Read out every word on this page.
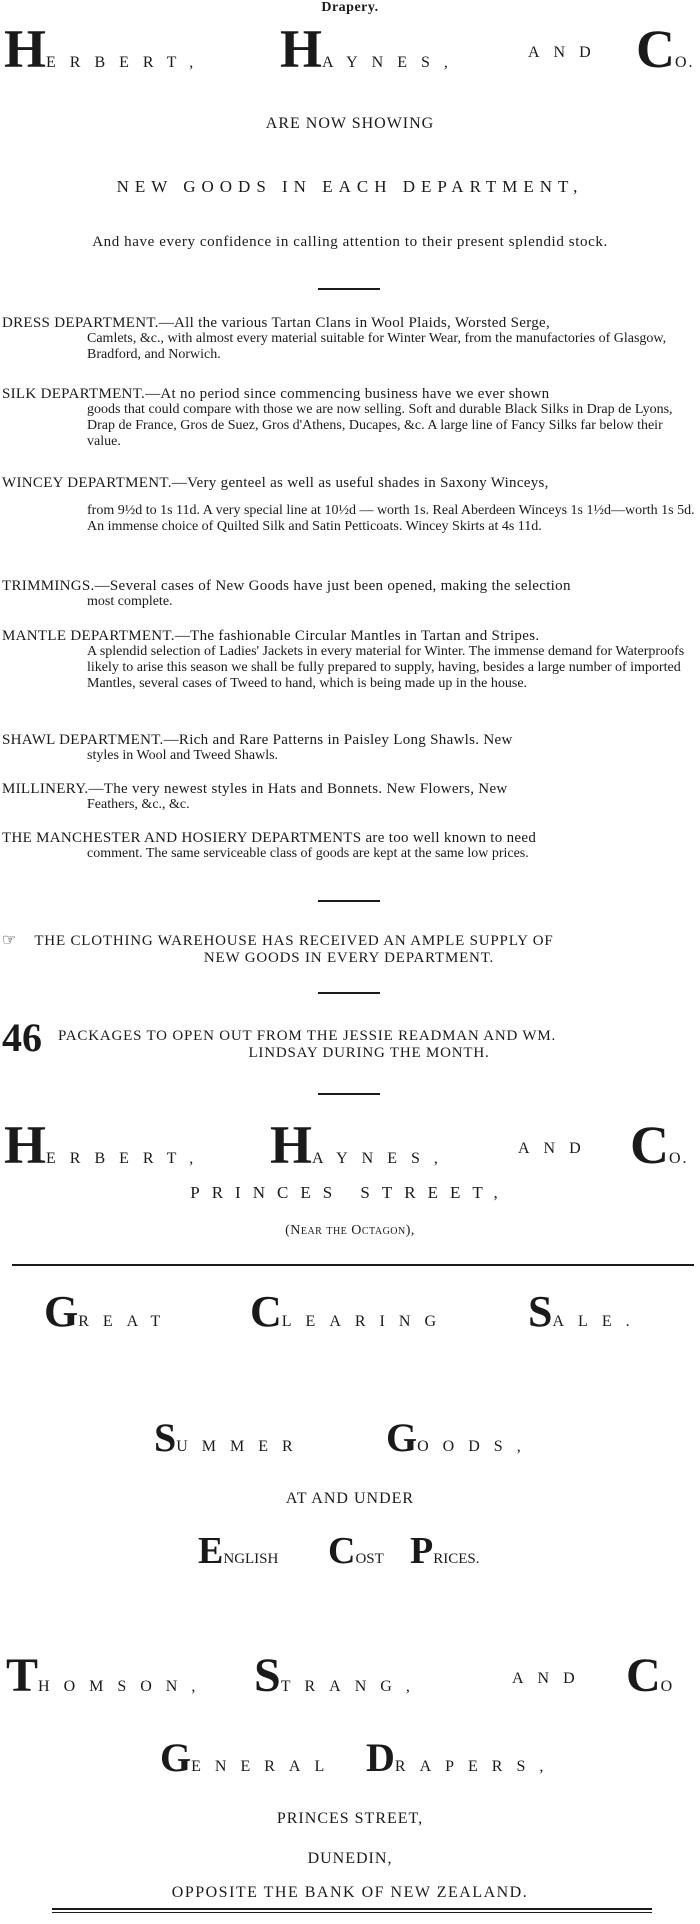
Drapery.
HERBERT, HAYNES,
AND CO.
ARE NOW SHOWING
NEW GOODS IN EACH DEPARTMENT,
And have every confidence in calling attention to their present splendid stock.
DRESS DEPARTMENT.—All the various Tartan Clans in Wool Plaids, Worsted Serge,
Camlets, &c., with almost every material suitable for Winter Wear, from the manufactories of Glasgow, Bradford, and Norwich.
SILK DEPARTMENT.—At no period since commencing business have we ever shown
goods that could compare with those we are now selling. Soft and durable Black Silks in Drap de Lyons, Drap de France, Gros de Suez, Gros d'Athens, Ducapes, &c. A large line of Fancy Silks far below their value.
WINCEY DEPARTMENT.—Very genteel as well as useful shades in Saxony Winceys,
from 9½d to 1s 11d. A very special line at 10½d — worth 1s. Real Aberdeen Winceys 1s 1½d—worth 1s 5d. An immense choice of Quilted Silk and Satin Petticoats. Wincey Skirts at 4s 11d.
TRIMMINGS.—Several cases of New Goods have just been opened, making the selection
most complete.
MANTLE DEPARTMENT.—The fashionable Circular Mantles in Tartan and Stripes.
A splendid selection of Ladies' Jackets in every material for Winter. The immense demand for Waterproofs likely to arise this season we shall be fully prepared to supply, having, besides a large number of imported Mantles, several cases of Tweed to hand, which is being made up in the house.
SHAWL DEPARTMENT.—Rich and Rare Patterns in Paisley Long Shawls. New
styles in Wool and Tweed Shawls.
MILLINERY.—The very newest styles in Hats and Bonnets. New Flowers, New
Feathers, &c., &c.
THE MANCHESTER AND HOSIERY DEPARTMENTS are too well known to need
comment. The same serviceable class of goods are kept at the same low prices.
☞ THE CLOTHING WAREHOUSE HAS RECEIVED AN AMPLE SUPPLY OF
NEW GOODS IN EVERY DEPARTMENT.
46	PACKAGES TO OPEN OUT FROM THE JESSIE READMAN AND WM.
LINDSAY DURING THE MONTH.
HERBERT, HAYNES,
AND CO.
PRINCES STREET,
(Near the Octagon),
GREAT CLEARING SALE.
SUMMER GOODS,
AT AND UNDER
ENGLISH COST PRICES.
THOMSON, STRANG,	AND CO
GENERAL DRAPERS,
PRINCES STREET,
DUNEDIN,
OPPOSITE THE BANK OF NEW ZEALAND.
